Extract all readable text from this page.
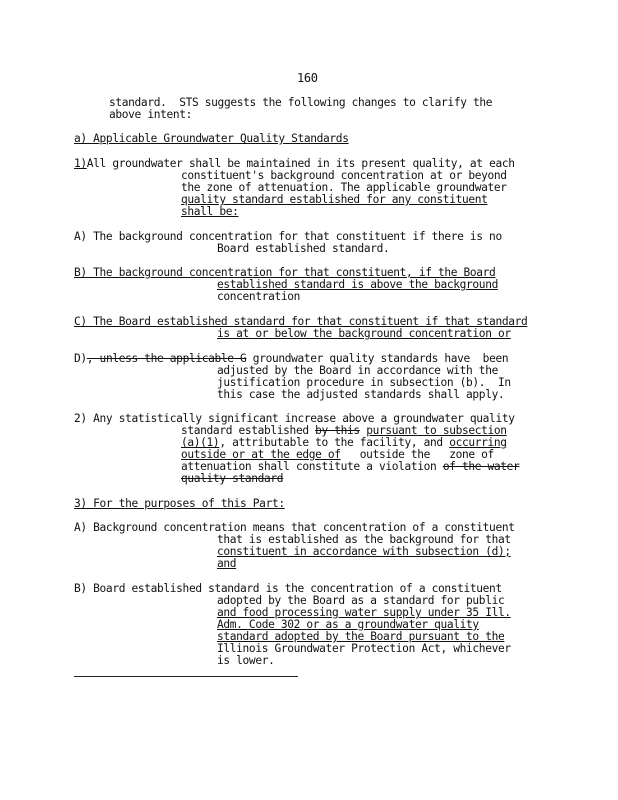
160

standard.  STS suggests the following changes to clarify the

above intent:

a) Applicable Groundwater Quality Standards

1)All groundwater shall be maintained in its present quality, at each

constituent's background concentration at or beyond

the zone of attenuation. The applicable groundwater

quality standard established for any constituent

shall be:

A) The background concentration for that constituent if there is no

Board established standard.

B) The background concentration for that constituent, if the Board

established standard is above the background

concentration

C) The Board established standard for that constituent if that standard

is at or below the background concentration or

D), unless the applicable G groundwater quality standards have  been

adjusted by the Board in accordance with the

justification procedure in subsection (b).  In

this case the adjusted standards shall apply.

2) Any statistically significant increase above a groundwater quality

standard established by this pursuant to subsection

(a)(1), attributable to the facility, and occurring

outside or at the edge of   outside the   zone of

attenuation shall constitute a violation of the water

quality standard

3) For the purposes of this Part:

A) Background concentration means that concentration of a constituent

that is established as the background for that

constituent in accordance with subsection (d);

and

B) Board established standard is the concentration of a constituent

adopted by the Board as a standard for public

and food processing water supply under 35 Ill.

Adm. Code 302 or as a groundwater quality

standard adopted by the Board pursuant to the

Illinois Groundwater Protection Act, whichever

is lower.
